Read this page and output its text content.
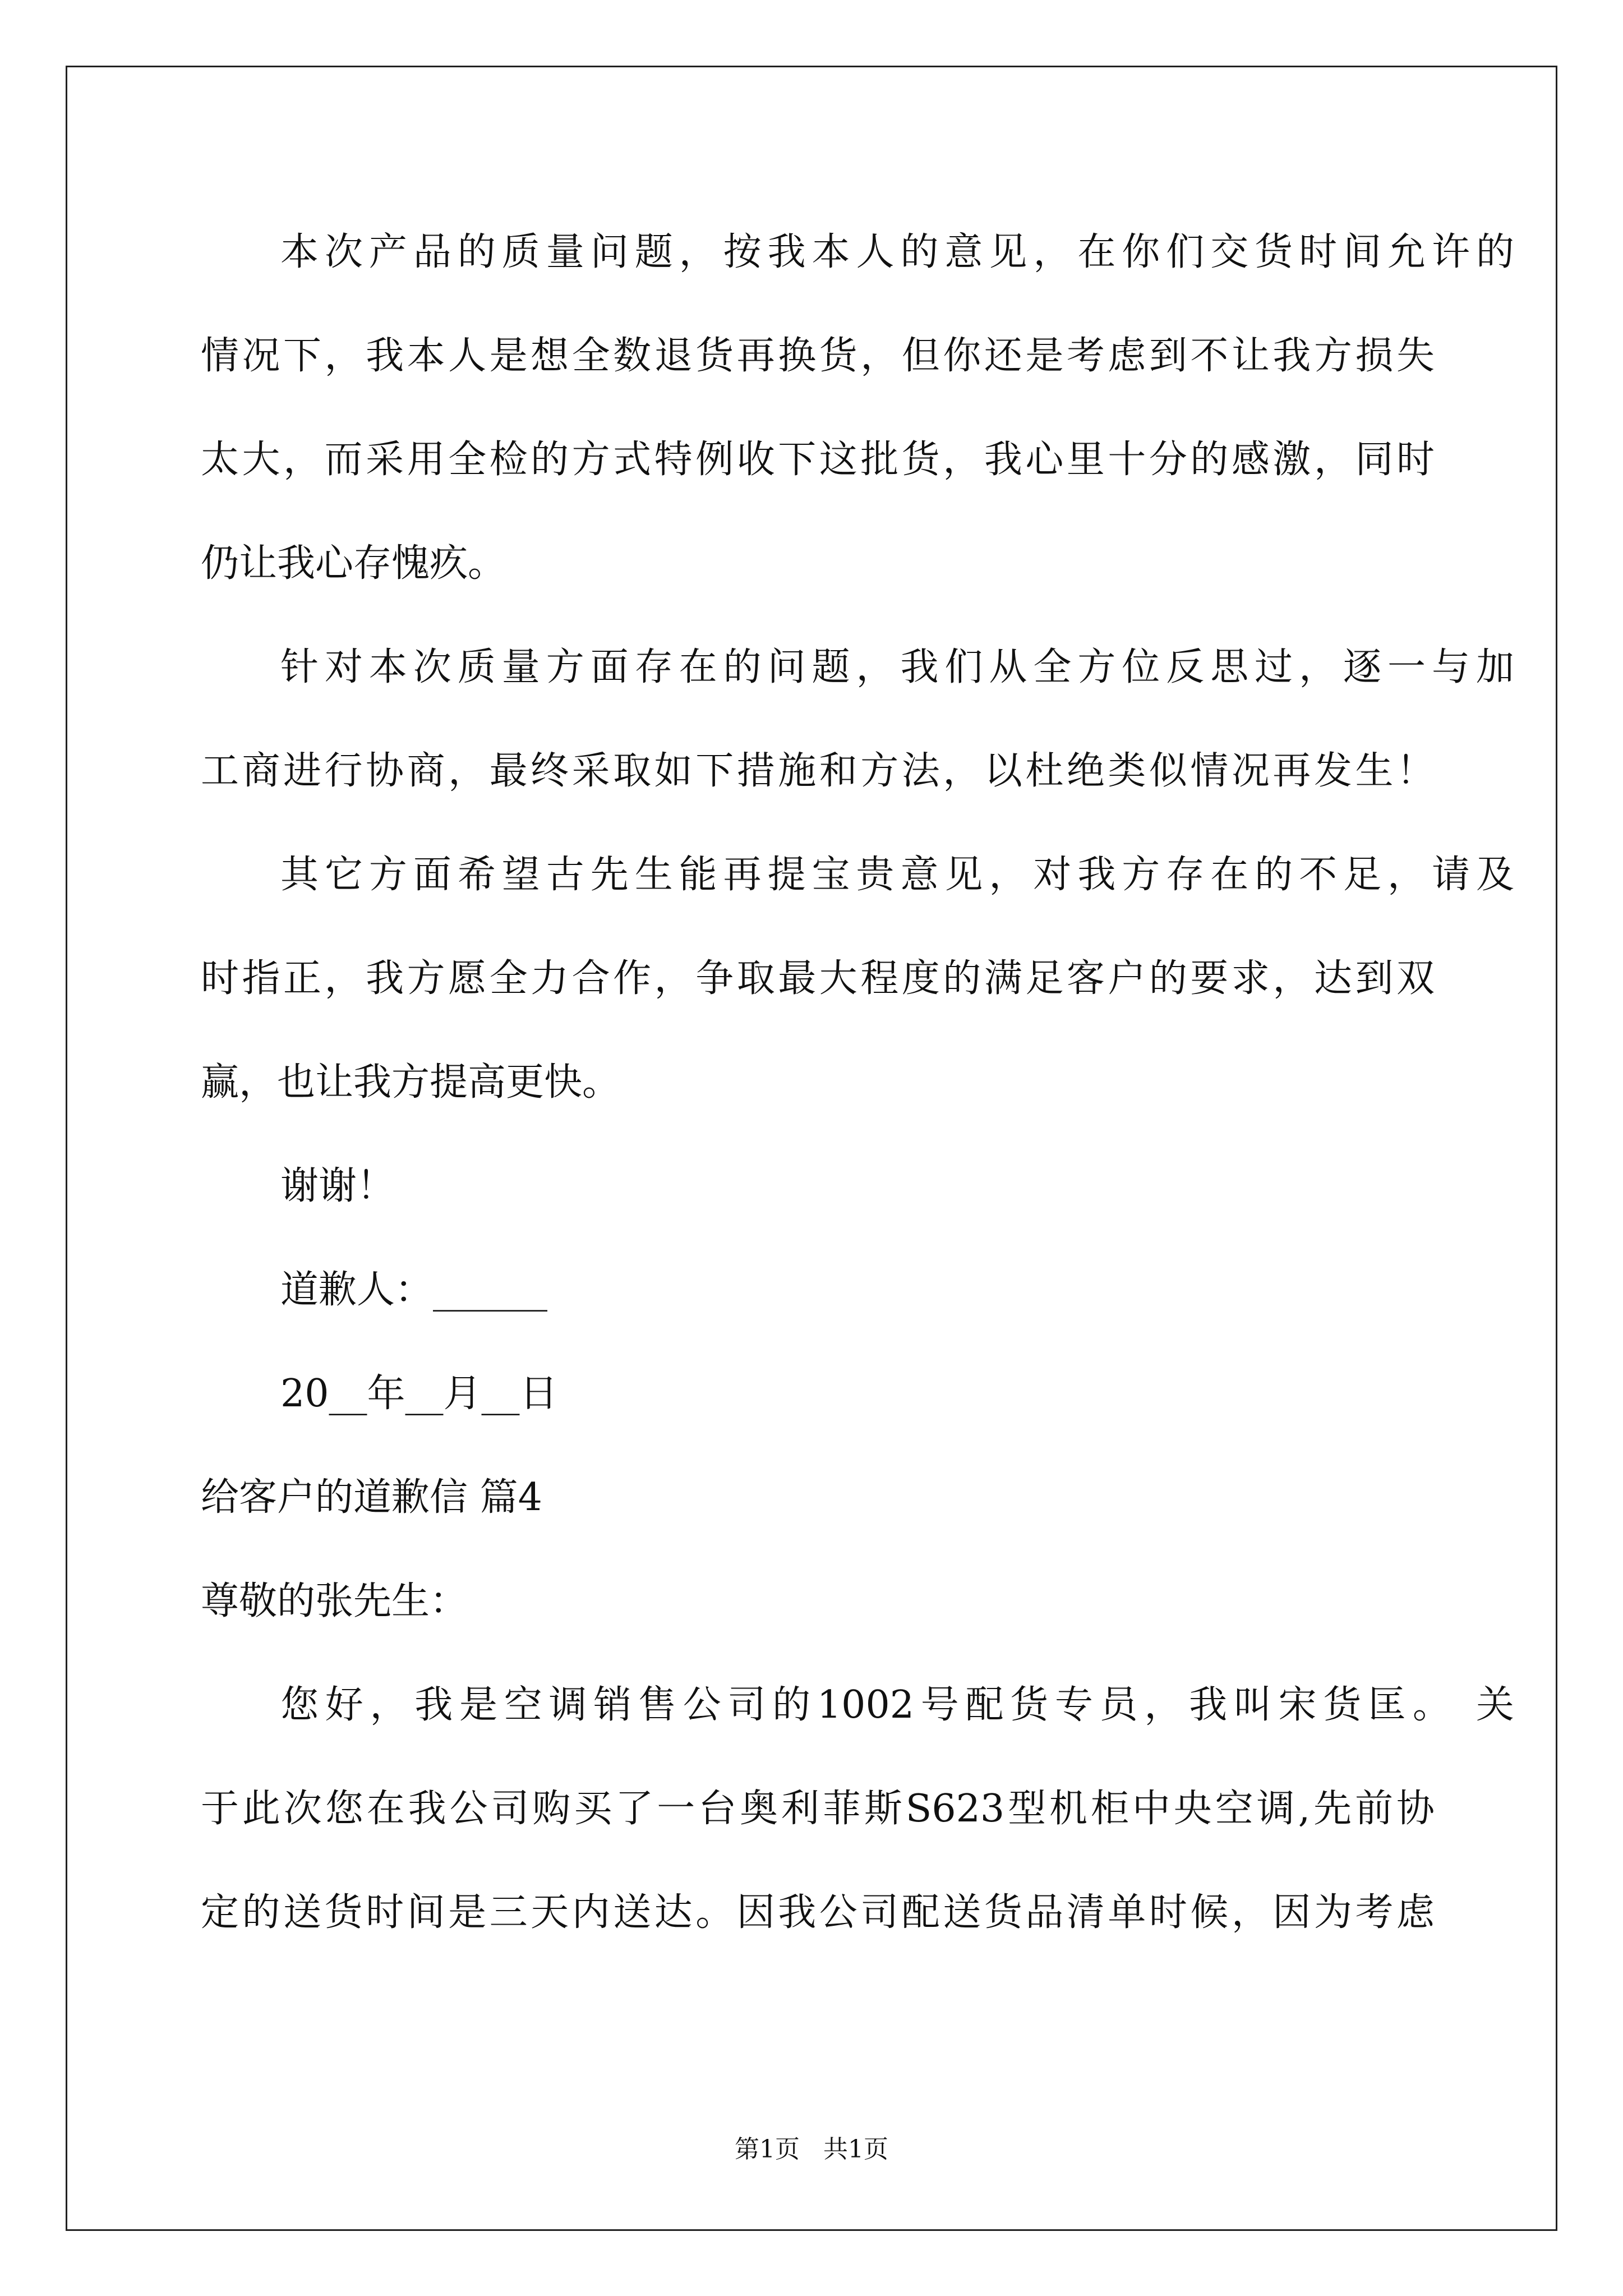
本次产品的质量问题，按我本人的意见，在你们交货时间允许的
情况下，我本人是想全数退货再换货，但你还是考虑到不让我方损失
太大，而采用全检的方式特例收下这批货，我心里十分的感激，同时
仍让我心存愧疚。
针对本次质量方面存在的问题，我们从全方位反思过，逐一与加
工商进行协商，最终采取如下措施和方法，以杜绝类似情况再发生！
其它方面希望古先生能再提宝贵意见，对我方存在的不足，请及
时指正，我方愿全力合作，争取最大程度的满足客户的要求，达到双
赢，也让我方提高更快。
谢谢！
道歉人：______
20__年__月__日
给客户的道歉信 篇4
尊敬的张先生：
您好，我是空调销售公司的1002号配货专员，我叫宋货匡。 关
于此次您在我公司购买了一台奥利菲斯S623型机柜中央空调,先前协
定的送货时间是三天内送达。因我公司配送货品清单时候，因为考虑
第1页   共1页
